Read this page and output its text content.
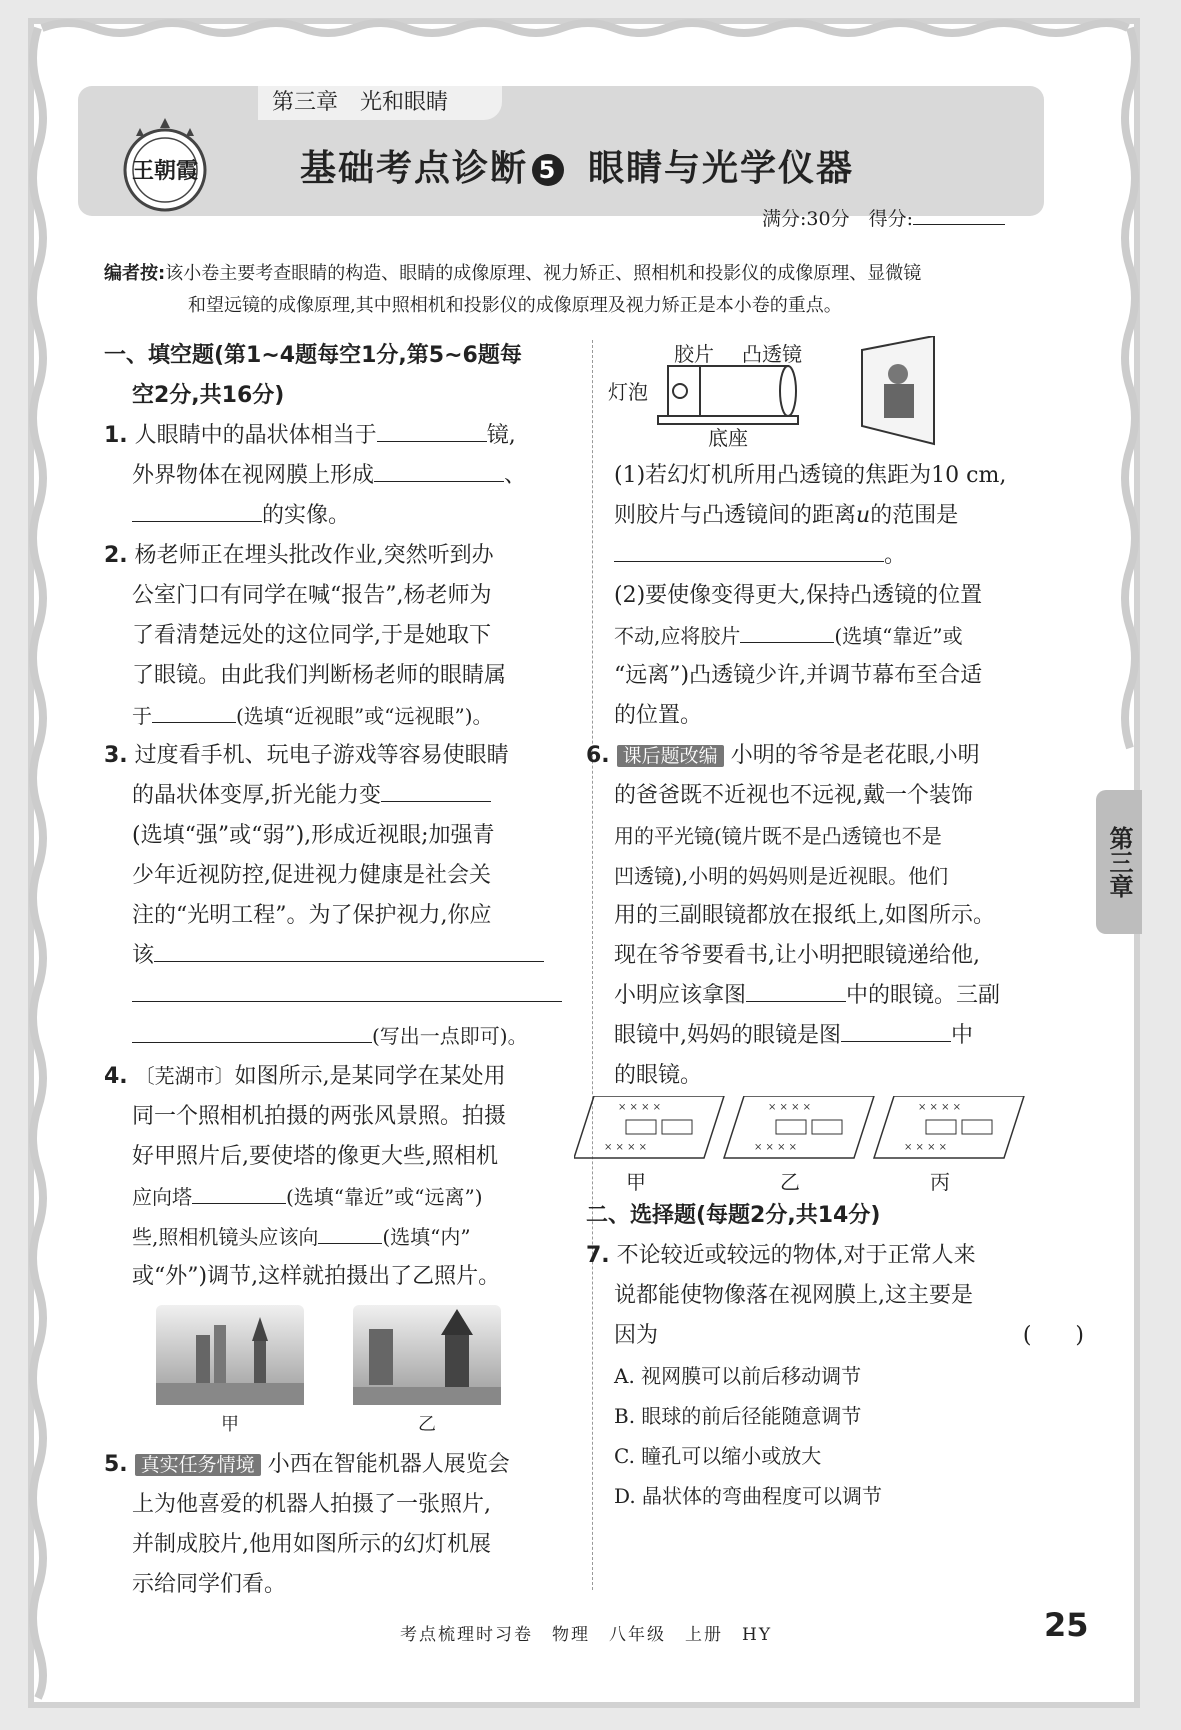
第三章　光和眼睛
王朝霞	基础考点诊断 5 眼睛与光学仪器
满分:30分　得分:
编者按:该小卷主要考查眼睛的构造、眼睛的成像原理、视力矫正、照相机和投影仪的成像原理、显微镜
和望远镜的成像原理,其中照相机和投影仪的成像原理及视力矫正是本小卷的重点。
一、填空题(第1~4题每空1分,第5~6题每
空2分,共16分)
1. 人眼睛中的晶状体相当于	镜,
外界物体在视网膜上形成	、
的实像。
2. 杨老师正在埋头批改作业,突然听到办
公室门口有同学在喊“报告”,杨老师为
了看清楚远处的这位同学,于是她取下
了眼镜。由此我们判断杨老师的眼睛属
于	(选填“近视眼”或“远视眼”)。
3. 过度看手机、玩电子游戏等容易使眼睛
的晶状体变厚,折光能力变
(选填“强”或“弱”),形成近视眼;加强青
少年近视防控,促进视力健康是社会关
注的“光明工程”。为了保护视力,你应
该
(写出一点即可)。
4. 〔芜湖市〕如图所示,是某同学在某处用
同一个照相机拍摄的两张风景照。拍摄
好甲照片后,要使塔的像更大些,照相机
应向塔	(选填“靠近”或“远离”)
些,照相机镜头应该向	(选填“内”
或“外”)调节,这样就拍摄出了乙照片。
甲
	乙
5. 真实任务情境 小西在智能机器人展览会
上为他喜爱的机器人拍摄了一张照片,
并制成胶片,他用如图所示的幻灯机展
示给同学们看。
胶片 凸透镜
灯泡
底座
(1)若幻灯机所用凸透镜的焦距为10 cm,
则胶片与凸透镜间的距离u的范围是
。
(2)要使像变得更大,保持凸透镜的位置
不动,应将胶片	(选填“靠近”或
“远离”)凸透镜少许,并调节幕布至合适
的位置。
6. 课后题改编 小明的爷爷是老花眼,小明
的爸爸既不近视也不远视,戴一个装饰
用的平光镜(镜片既不是凸透镜也不是
凹透镜),小明的妈妈则是近视眼。他们
用的三副眼镜都放在报纸上,如图所示。
现在爷爷要看书,让小明把眼镜递给他,
小明应该拿图	中的眼镜。三副
眼镜中,妈妈的眼镜是图	中
的眼镜。
× × × ×
× × × ×
× × × ×
× × × ×
× × × ×
× × × ×
甲	乙	丙
二、选择题(每题2分,共14分)
7. 不论较近或较远的物体,对于正常人来
说都能使物像落在视网膜上,这主要是
因为	(　　)
A. 视网膜可以前后移动调节
B. 眼球的前后径能随意调节
C. 瞳孔可以缩小或放大
D. 晶状体的弯曲程度可以调节
第三章
考点梳理时习卷　物理　八年级　上册　HY	25
